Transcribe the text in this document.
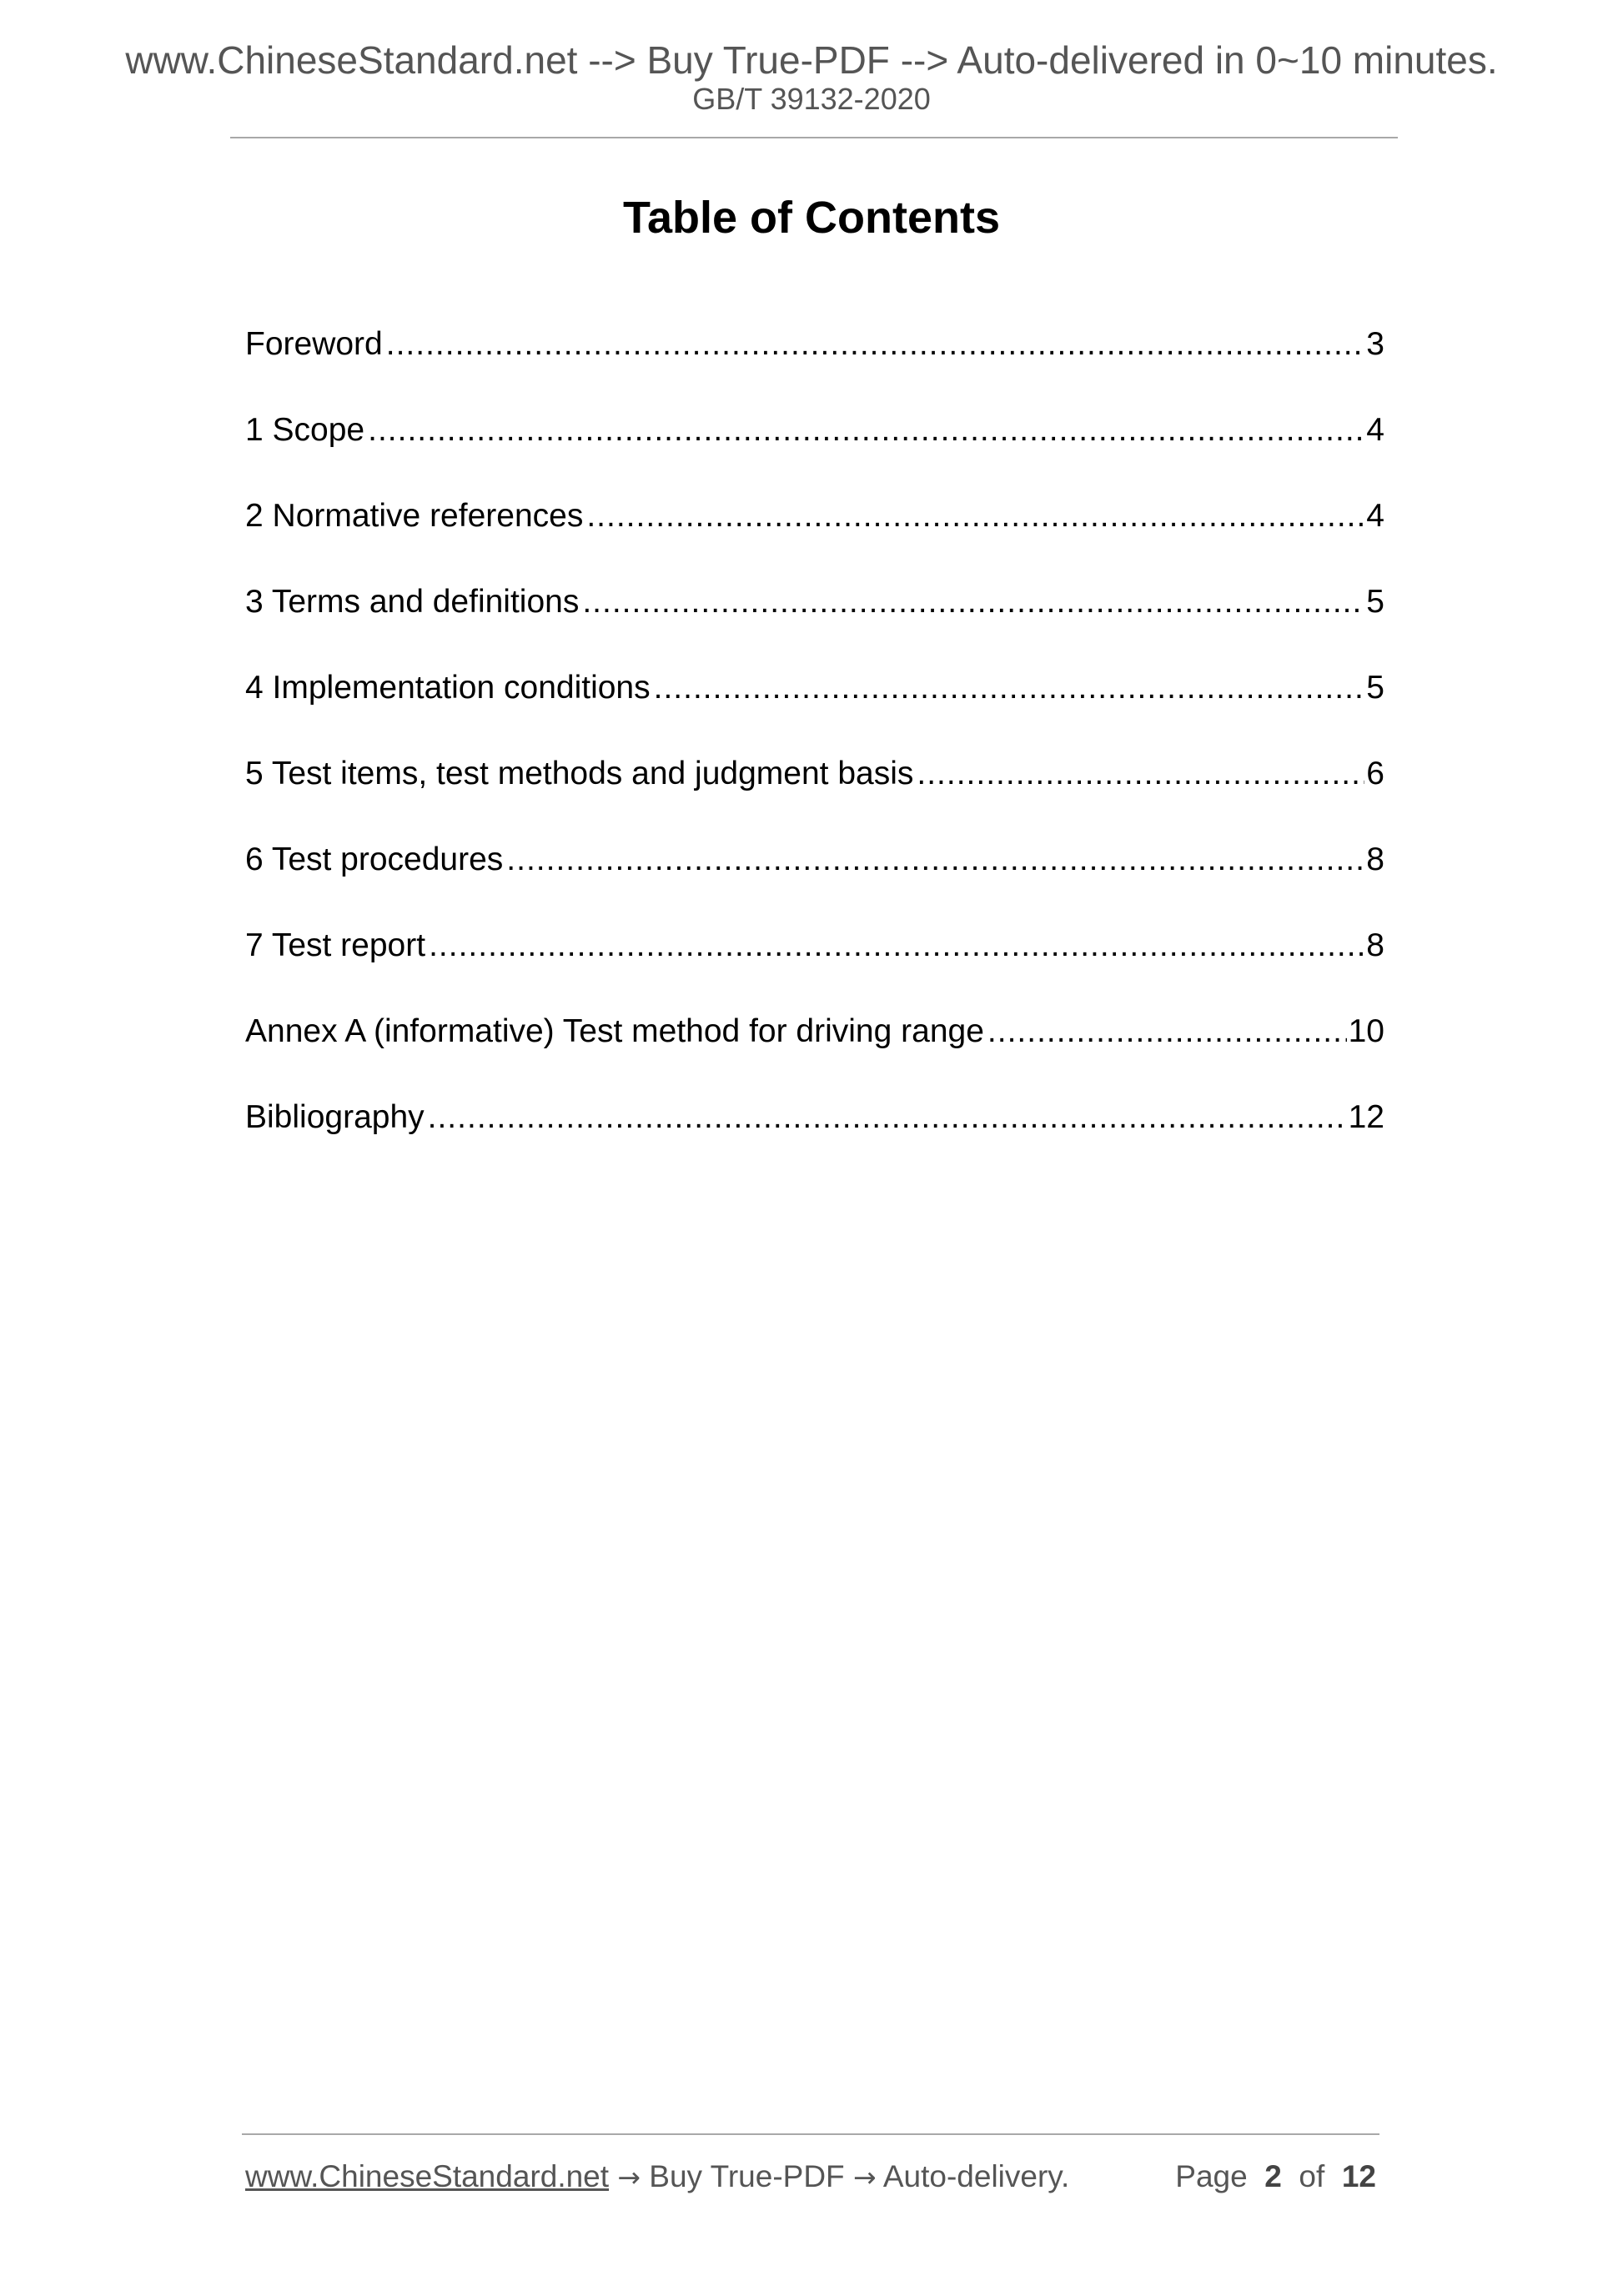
www.ChineseStandard.net --> Buy True-PDF --> Auto-delivered in 0~10 minutes.
GB/T 39132-2020
Table of Contents
Foreword .....	3
1 Scope .....	4
2 Normative references .....	4
3 Terms and definitions .....	5
4 Implementation conditions .....	5
5 Test items, test methods and judgment basis .....	6
6 Test procedures .....	8
7 Test report .....	8
Annex A (informative) Test method for driving range .....	10
Bibliography .....	12
www.ChineseStandard.net → Buy True-PDF → Auto-delivery.	Page 2 of 12
